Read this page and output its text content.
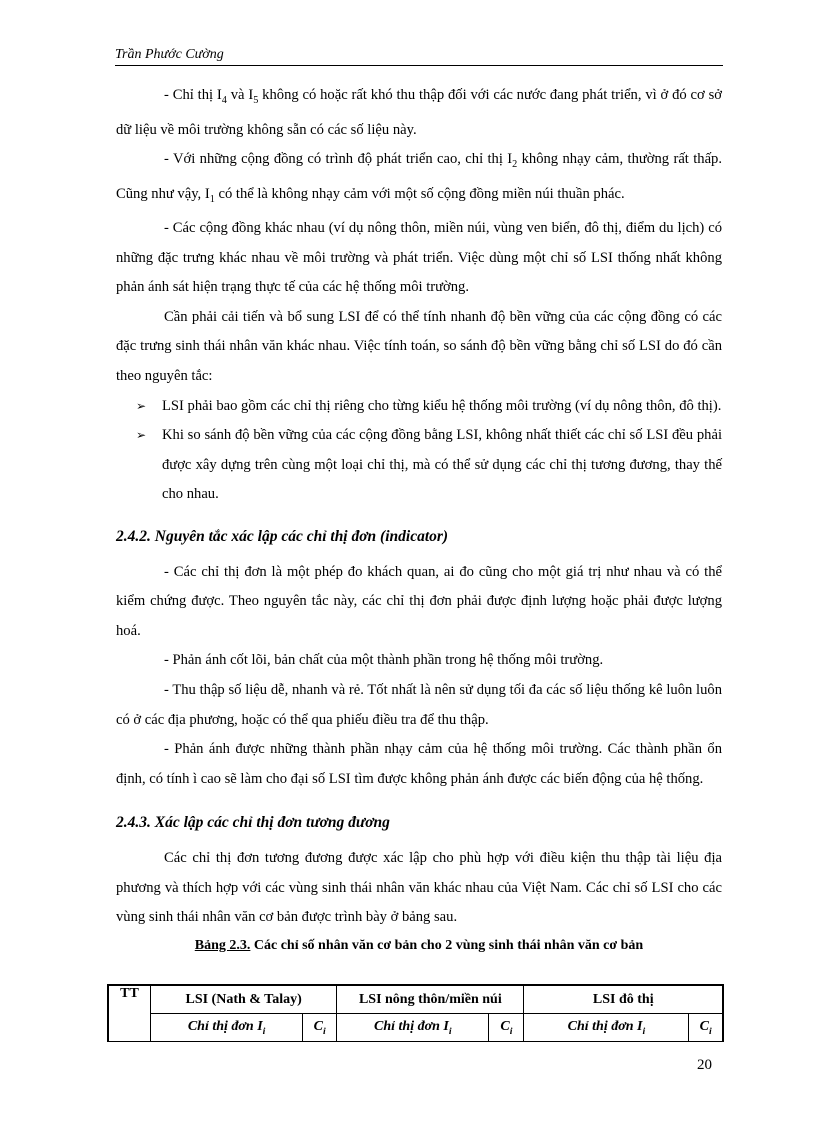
Trần Phước Cường

- Chỉ thị $I_4$ và $I_5$ không có hoặc rất khó thu thập đối với các nước đang phát triển, vì ở đó cơ sở dữ liệu về môi trường không sẵn có các số liệu này.

- Với những cộng đồng có trình độ phát triển cao, chỉ thị $I_2$ không nhạy cảm, thường rất thấp. Cũng như vậy, $I_1$ có thể là không nhạy cảm với một số cộng đồng miền núi thuần phác.

- Các cộng đồng khác nhau (ví dụ nông thôn, miền núi, vùng ven biển, đô thị, điểm du lịch) có những đặc trưng khác nhau về môi trường và phát triển. Việc dùng một chỉ số LSI thống nhất không phản ánh sát hiện trạng thực tế của các hệ thống môi trường.

Cần phải cải tiến và bổ sung LSI để có thể tính nhanh độ bền vững của các cộng đồng có các đặc trưng sinh thái nhân văn khác nhau. Việc tính toán, so sánh độ bền vững bằng chỉ số LSI do đó cần theo nguyên tắc:

➢	LSI phải bao gồm các chỉ thị riêng cho từng kiểu hệ thống môi trường (ví dụ nông thôn, đô thị).
➢	Khi so sánh độ bền vững của các cộng đồng bằng LSI, không nhất thiết các chỉ số LSI đều phải được xây dựng trên cùng một loại chỉ thị, mà có thể sử dụng các chỉ thị tương đương, thay thế cho nhau.
2.4.2. Nguyên tắc xác lập các chỉ thị đơn (indicator)

- Các chỉ thị đơn là một phép đo khách quan, ai đo cũng cho một giá trị như nhau và có thể kiểm chứng được. Theo nguyên tắc này, các chỉ thị đơn phải được định lượng hoặc phải được lượng hoá.

- Phản ánh cốt lõi, bản chất của một thành phần trong hệ thống môi trường.

- Thu thập số liệu dễ, nhanh và rẻ. Tốt nhất là nên sử dụng tối đa các số liệu thống kê luôn luôn có ở các địa phương, hoặc có thể qua phiếu điều tra để thu thập.

- Phản ánh được những thành phần nhạy cảm của hệ thống môi trường. Các thành phần ổn định, có tính ì cao sẽ làm cho đại số LSI tìm được không phản ánh được các biến động của hệ thống.

2.4.3. Xác lập các chỉ thị đơn tương đương

Các chỉ thị đơn tương đương được xác lập cho phù hợp với điều kiện thu thập tài liệu địa phương và thích hợp với các vùng sinh thái nhân văn khác nhau của Việt Nam. Các chỉ số LSI cho các vùng sinh thái nhân văn cơ bản được trình bày ở bảng sau.

Bảng 2.3. Các chỉ số nhân văn cơ bản cho 2 vùng sinh thái nhân văn cơ bản
TT	LSI (Nath & Talay)		LSI nông thôn/miền núi		LSI đô thị	
	Chỉ thị đơn $I_i$	$C_i$	Chỉ thị đơn $I_i$	$C_i$	Chỉ thị đơn $I_i$	$C_i$
20
